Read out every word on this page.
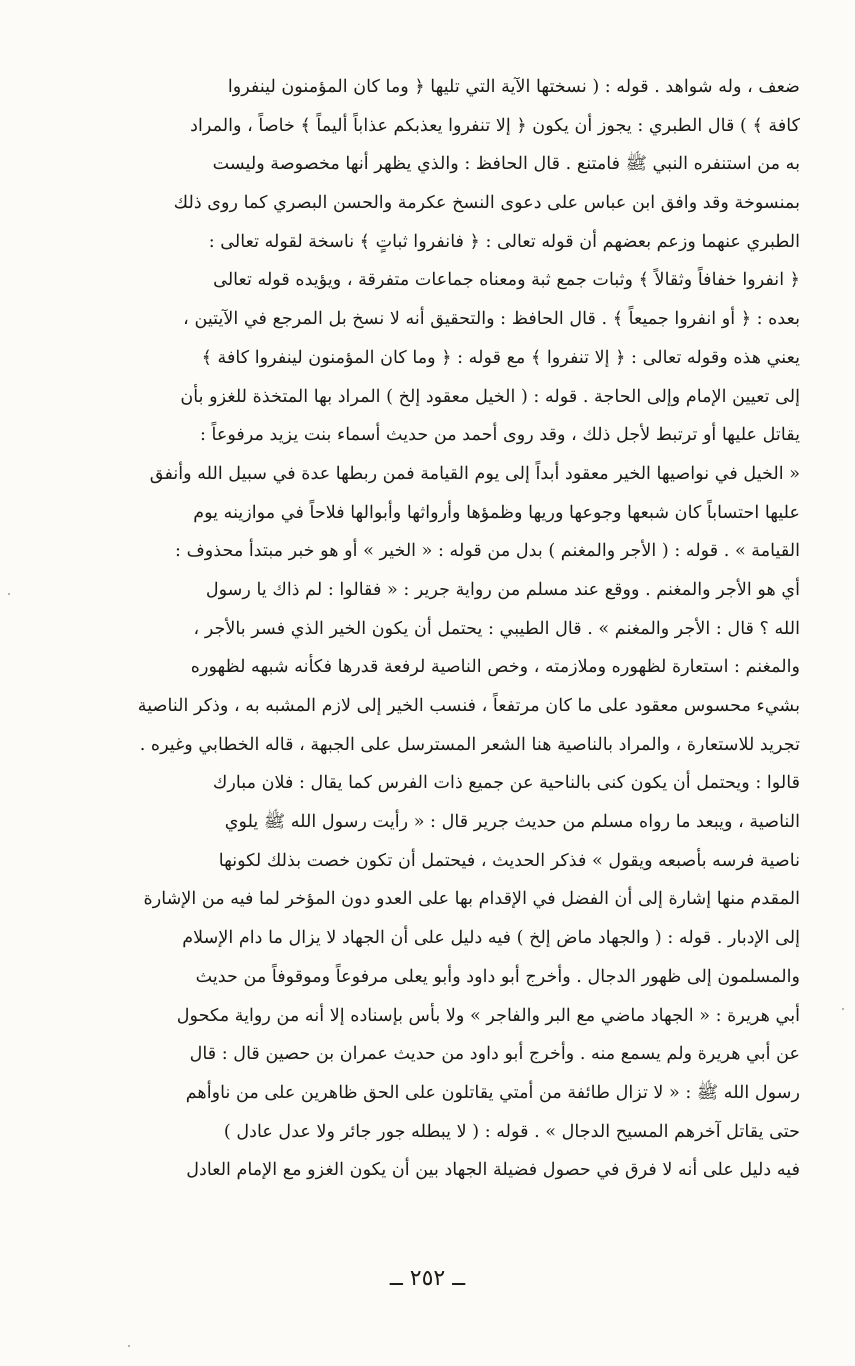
ضعف ، وله شواهد . قوله : ( نسختها الآية التي تليها ﴿ وما كان المؤمنون لينفروا
كافة ﴾ ) قال الطبري : يجوز أن يكون ﴿ إلا تنفروا يعذبكم عذاباً أليماً ﴾ خاصاً ، والمراد
به من استنفره النبي ﷺ فامتنع . قال الحافظ : والذي يظهر أنها مخصوصة وليست
بمنسوخة وقد وافق ابن عباس على دعوى النسخ عكرمة والحسن البصري كما روى ذلك
الطبري عنهما وزعم بعضهم أن قوله تعالى : ﴿ فانفروا ثباتٍ ﴾ ناسخة لقوله تعالى :
﴿ انفروا خفافاً وثقالاً ﴾ وثبات جمع ثبة ومعناه جماعات متفرقة ، ويؤيده قوله تعالى
بعده : ﴿ أو انفروا جميعاً ﴾ . قال الحافظ : والتحقيق أنه لا نسخ بل المرجع في الآيتين ،
يعني هذه وقوله تعالى : ﴿ إلا تنفروا ﴾ مع قوله : ﴿ وما كان المؤمنون لينفروا كافة ﴾
إلى تعيين الإمام وإلى الحاجة . قوله : ( الخيل معقود إلخ ) المراد بها المتخذة للغزو بأن
يقاتل عليها أو ترتبط لأجل ذلك ، وقد روى أحمد من حديث أسماء بنت يزيد مرفوعاً :
« الخيل في نواصيها الخير معقود أبداً إلى يوم القيامة فمن ربطها عدة في سبيل الله وأنفق
عليها احتساباً كان شبعها وجوعها وريها وظمؤها وأرواثها وأبوالها فلاحاً في موازينه يوم
القيامة » . قوله : ( الأجر والمغنم ) بدل من قوله : « الخير » أو هو خبر مبتدأ محذوف :
أي هو الأجر والمغنم . ووقع عند مسلم من رواية جرير : « فقالوا : لم ذاك يا رسول
الله ؟ قال : الأجر والمغنم » . قال الطيبي : يحتمل أن يكون الخير الذي فسر بالأجر ،
والمغنم : استعارة لظهوره وملازمته ، وخص الناصية لرفعة قدرها فكأنه شبهه لظهوره
بشيء محسوس معقود على ما كان مرتفعاً ، فنسب الخير إلى لازم المشبه به ، وذكر الناصية
تجريد للاستعارة ، والمراد بالناصية هنا الشعر المسترسل على الجبهة ، قاله الخطابي وغيره .
قالوا : ويحتمل أن يكون كنى بالناحية عن جميع ذات الفرس كما يقال : فلان مبارك
الناصية ، ويبعد ما رواه مسلم من حديث جرير قال : « رأيت رسول الله ﷺ يلوي
ناصية فرسه بأصبعه ويقول » فذكر الحديث ، فيحتمل أن تكون خصت بذلك لكونها
المقدم منها إشارة إلى أن الفضل في الإقدام بها على العدو دون المؤخر لما فيه من الإشارة
إلى الإدبار . قوله : ( والجهاد ماض إلخ ) فيه دليل على أن الجهاد لا يزال ما دام الإسلام
والمسلمون إلى ظهور الدجال . وأخرج أبو داود وأبو يعلى مرفوعاً وموقوفاً من حديث
أبي هريرة : « الجهاد ماضي مع البر والفاجر » ولا بأس بإسناده إلا أنه من رواية مكحول
عن أبي هريرة ولم يسمع منه . وأخرج أبو داود من حديث عمران بن حصين قال : قال
رسول الله ﷺ : « لا تزال طائفة من أمتي يقاتلون على الحق ظاهرين على من ناوأهم
حتى يقاتل آخرهم المسيح الدجال » . قوله : ( لا يبطله جور جائر ولا عدل عادل )
فيه دليل على أنه لا فرق في حصول فضيلة الجهاد بين أن يكون الغزو مع الإمام العادل
ــ ٢٥٢ ــ
